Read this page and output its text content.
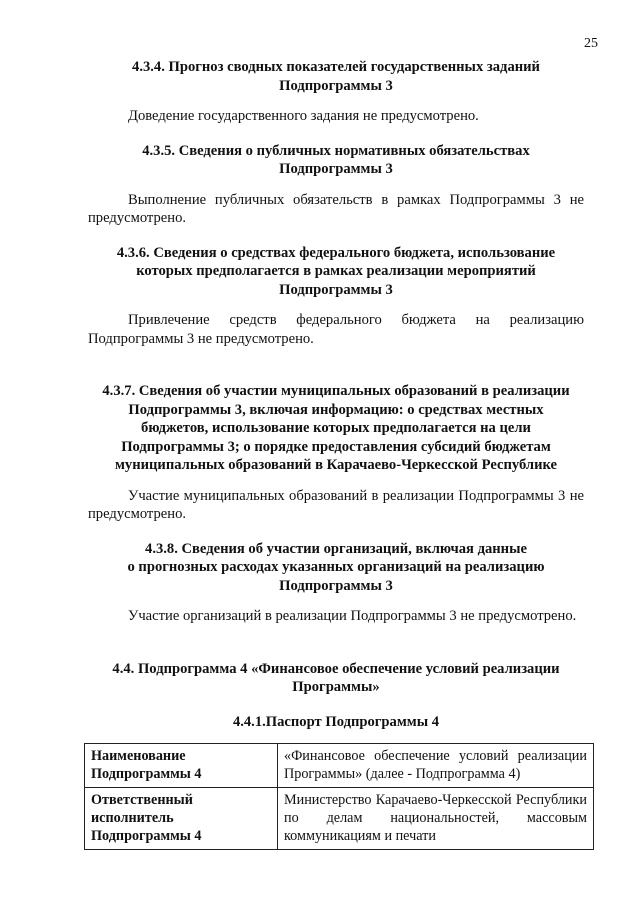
25
4.3.4. Прогноз сводных показателей государственных заданий
Подпрограммы 3
Доведение государственного задания не предусмотрено.
4.3.5. Сведения о публичных нормативных обязательствах
Подпрограммы 3
Выполнение публичных обязательств в рамках Подпрограммы 3 не предусмотрено.
4.3.6. Сведения о средствах федерального бюджета, использование
которых предполагается в рамках реализации мероприятий
Подпрограммы 3
Привлечение средств федерального бюджета на реализацию Подпрограммы 3 не предусмотрено.
4.3.7. Сведения об участии муниципальных образований в реализации
Подпрограммы 3, включая информацию: о средствах местных
бюджетов, использование которых предполагается на цели
Подпрограммы 3; о порядке предоставления субсидий бюджетам
муниципальных образований в Карачаево-Черкесской Республике
Участие муниципальных образований в реализации Подпрограммы 3 не предусмотрено.
4.3.8. Сведения об участии организаций, включая данные
о прогнозных расходах указанных организаций на реализацию
Подпрограммы 3
Участие организаций в реализации Подпрограммы 3 не предусмотрено.
4.4. Подпрограмма 4 «Финансовое обеспечение условий реализации
Программы»
4.4.1.Паспорт Подпрограммы 4
Наименование Подпрограммы 4	«Финансовое обеспечение условий реализации Программы» (далее - Подпрограмма 4)
Ответственный исполнитель Подпрограммы 4	Министерство Карачаево-Черкесской Республики по делам национальностей, массовым коммуникациям и печати
